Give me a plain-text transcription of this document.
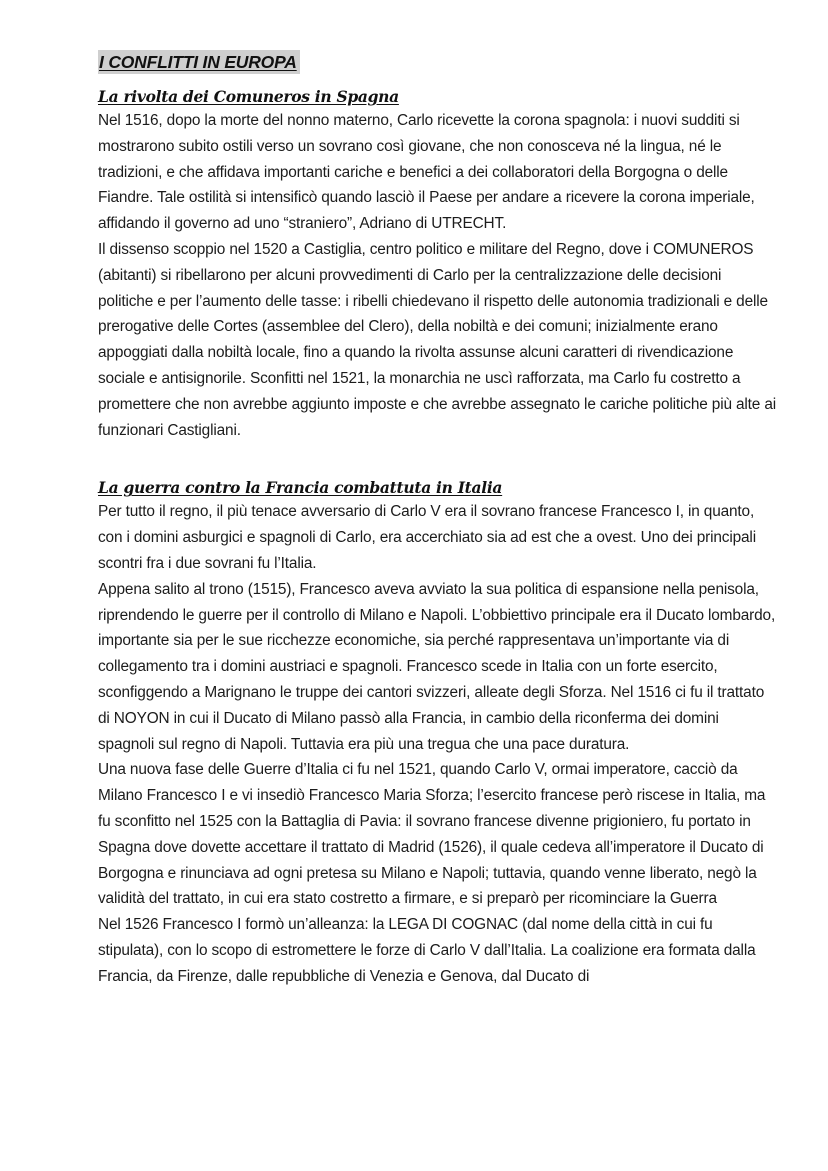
I CONFLITTI IN EUROPA
La rivolta dei Comuneros in Spagna

Nel 1516, dopo la morte del nonno materno, Carlo ricevette la corona spagnola: i nuovi sudditi si mostrarono subito ostili verso un sovrano così giovane, che non conosceva né la lingua, né le tradizioni, e che affidava importanti cariche e benefici a dei collaboratori della Borgogna o delle Fiandre. Tale ostilità si intensificò quando lasciò il Paese per andare a ricevere la corona imperiale, affidando il governo ad uno “straniero”, Adriano di UTRECHT.

Il dissenso scoppio nel 1520 a Castiglia, centro politico e militare del Regno, dove i COMUNEROS (abitanti) si ribellarono per alcuni provvedimenti di Carlo per la centralizzazione delle decisioni politiche e per l’aumento delle tasse: i ribelli chiedevano il rispetto delle autonomia tradizionali e delle prerogative delle Cortes (assemblee del Clero), della nobiltà e dei comuni; inizialmente erano appoggiati dalla nobiltà locale, fino a quando la rivolta assunse alcuni caratteri di rivendicazione sociale e antisignorile. Sconfitti nel 1521, la monarchia ne uscì rafforzata, ma Carlo fu costretto a promettere che non avrebbe aggiunto imposte e che avrebbe assegnato le cariche politiche più alte ai funzionari Castigliani.

La guerra contro la Francia combattuta in Italia

Per tutto il regno, il più tenace avversario di Carlo V era il sovrano francese Francesco I, in quanto, con i domini asburgici e spagnoli di Carlo, era accerchiato sia ad est che a ovest. Uno dei principali scontri fra i due sovrani fu l’Italia.

Appena salito al trono (1515), Francesco aveva avviato la sua politica di espansione nella penisola, riprendendo le guerre per il controllo di Milano e Napoli. L’obbiettivo principale era il Ducato lombardo, importante sia per le sue ricchezze economiche, sia perché rappresentava un’importante via di collegamento tra i domini austriaci e spagnoli. Francesco scede in Italia con un forte esercito, sconfiggendo a Marignano le truppe dei cantori svizzeri, alleate degli Sforza. Nel 1516 ci fu il trattato di NOYON in cui il Ducato di Milano passò alla Francia, in cambio della riconferma dei domini spagnoli sul regno di Napoli. Tuttavia era più una tregua che una pace duratura.

Una nuova fase delle Guerre d’Italia ci fu nel 1521, quando Carlo V, ormai imperatore, cacciò da Milano Francesco I e vi insediò Francesco Maria Sforza; l’esercito francese però riscese in Italia, ma fu sconfitto nel 1525 con la Battaglia di Pavia: il sovrano francese divenne prigioniero, fu portato in Spagna dove dovette accettare il trattato di Madrid (1526), il quale cedeva all’imperatore il Ducato di Borgogna e rinunciava ad ogni pretesa su Milano e Napoli; tuttavia, quando venne liberato, negò la validità del trattato, in cui era stato costretto a firmare, e si preparò per ricominciare la Guerra

Nel 1526 Francesco I formò un’alleanza: la LEGA DI COGNAC (dal nome della città in cui fu stipulata), con lo scopo di estromettere le forze di Carlo V dall’Italia. La coalizione era formata dalla Francia, da Firenze, dalle repubbliche di Venezia e Genova, dal Ducato di
